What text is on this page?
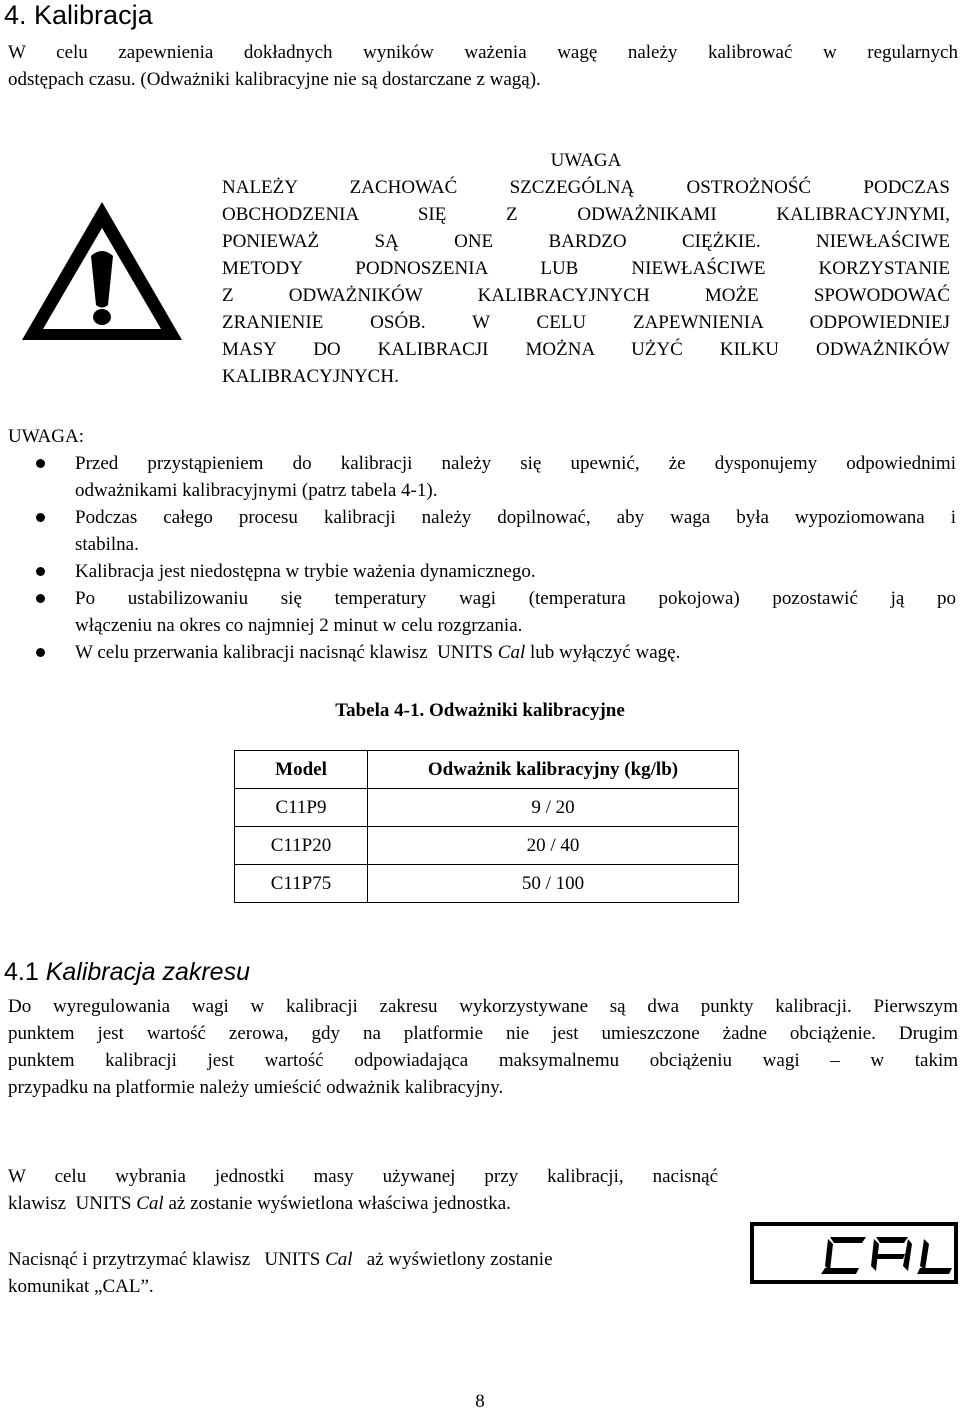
4. Kalibracja
W celu zapewnienia dokładnych wyników ważenia wagę należy kalibrować w regularnych
odstępach czasu. (Odważniki kalibracyjne nie są dostarczane z wagą).
UWAGA
NALEŻY ZACHOWAĆ SZCZEGÓLNĄ OSTROŻNOŚĆ PODCZAS
OBCHODZENIA SIĘ Z ODWAŻNIKAMI KALIBRACYJNYMI,
PONIEWAŻ SĄ ONE BARDZO CIĘŻKIE. NIEWŁAŚCIWE
METODY PODNOSZENIA LUB NIEWŁAŚCIWE KORZYSTANIE
Z ODWAŻNIKÓW KALIBRACYJNYCH MOŻE SPOWODOWAĆ
ZRANIENIE OSÓB. W CELU ZAPEWNIENIA ODPOWIEDNIEJ
MASY DO KALIBRACJI MOŻNA UŻYĆ KILKU ODWAŻNIKÓW
KALIBRACYJNYCH.
UWAGA:
Przed przystąpieniem do kalibracji należy się upewnić, że dysponujemy odpowiednimi
odważnikami kalibracyjnymi (patrz tabela 4-1).
Podczas całego procesu kalibracji należy dopilnować, aby waga była wypoziomowana i
stabilna.
Kalibracja jest niedostępna w trybie ważenia dynamicznego.
Po ustabilizowaniu się temperatury wagi (temperatura pokojowa) pozostawić ją po
włączeniu na okres co najmniej 2 minut w celu rozgrzania.
W celu przerwania kalibracji nacisnąć klawisz UNITS Cal lub wyłączyć wagę.
Tabela 4-1. Odważniki kalibracyjne
Model	Odważnik kalibracyjny (kg/lb)
C11P9	9 / 20
C11P20	20 / 40
C11P75	50 / 100
4.1 Kalibracja zakresu
Do wyregulowania wagi w kalibracji zakresu wykorzystywane są dwa punkty kalibracji. Pierwszym
punktem jest wartość zerowa, gdy na platformie nie jest umieszczone żadne obciążenie. Drugim
punktem kalibracji jest wartość odpowiadająca maksymalnemu obciążeniu wagi – w takim
przypadku na platformie należy umieścić odważnik kalibracyjny.
W celu wybrania jednostki masy używanej przy kalibracji, nacisnąć
klawisz UNITS Cal aż zostanie wyświetlona właściwa jednostka.
Nacisnąć i przytrzymać klawisz UNITS Cal aż wyświetlony zostanie
komunikat „CAL”.
8
